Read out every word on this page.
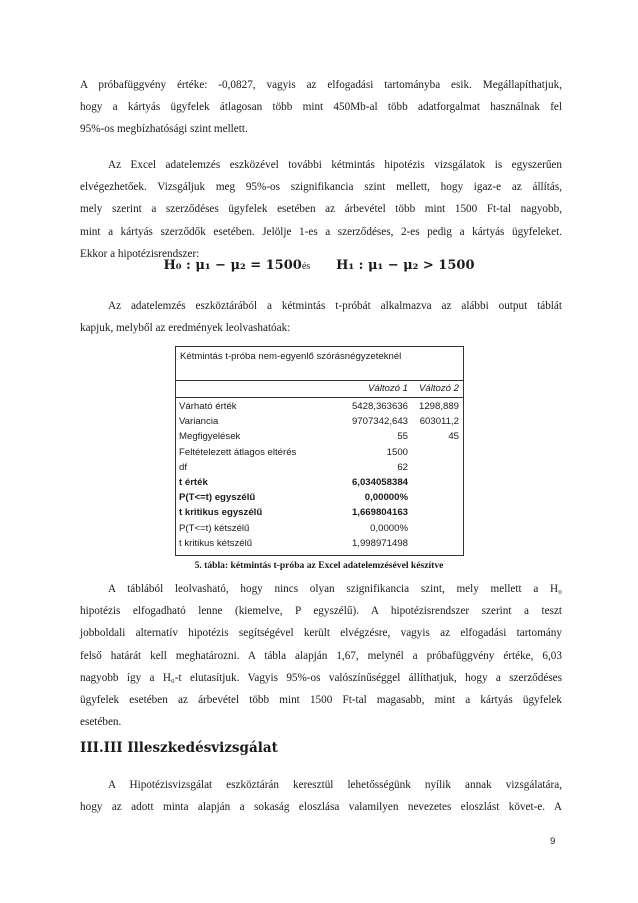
A próbafüggvény értéke: -0,0827, vagyis az elfogadási tartományba esik. Megállapíthatjuk,
hogy a kártyás ügyfelek átlagosan több mint 450Mb-al több adatforgalmat használnak fel
95%-os megbízhatósági szint mellett.
Az Excel adatelemzés eszközével további kétmintás hipotézis vizsgálatok is egyszerűen
elvégezhetőek. Vizsgáljuk meg 95%-os szignifikancia szint mellett, hogy igaz-e az állítás,
mely szerint a szerződéses ügyfelek esetében az árbevétel több mint 1500 Ft-tal nagyobb,
mint a kártyás szerződők esetében. Jelölje 1-es a szerződéses, 2-es pedig a kártyás ügyfeleket.
Ekkor a hipotézisrendszer:
H₀ : μ₁ − μ₂ = 1500és H₁ : μ₁ − μ₂ > 1500
Az adatelemzés eszköztárából a kétmintás t-próbát alkalmazva az alábbi output táblát
kapjuk, melyből az eredmények leolvashatóak:
Kétmintás t-próba nem-egyenlő szórásnégyzeteknél
Változó 1 Változó 2
Várható érték	5428,363636 1298,889
Variancia	9707342,643 603011,2
Megfigyelések	55	45
Feltételezett átlagos eltérés	1500
df	62
t érték	6,034058384
P(T<=t) egyszélű	0,00000%
t kritikus egyszélű	1,669804163
P(T<=t) kétszélű	0,0000%
t kritikus kétszélű	1,998971498
5. tábla: kétmintás t-próba az Excel adatelemzésével készítve
A táblából leolvasható, hogy nincs olyan szignifikancia szint, mely mellett a H₀
hipotézis elfogadható lenne (kiemelve, P egyszélű). A hipotézisrendszer szerint a teszt
jobboldali alternatív hipotézis segítségével került elvégzésre, vagyis az elfogadási tartomány
felső határát kell meghatározni. A tábla alapján 1,67, melynél a próbafüggvény értéke, 6,03
nagyobb így a H₀-t elutasítjuk. Vagyis 95%-os valószínűséggel állíthatjuk, hogy a szerződéses
ügyfelek esetében az árbevétel több mint 1500 Ft-tal magasabb, mint a kártyás ügyfelek
esetében.
III.III Illeszkedésvizsgálat
A Hipotézisvizsgálat eszköztárán keresztül lehetősségünk nyílik annak vizsgálatára,
hogy az adott minta alapján a sokaság eloszlása valamilyen nevezetes eloszlást követ-e. A
9
